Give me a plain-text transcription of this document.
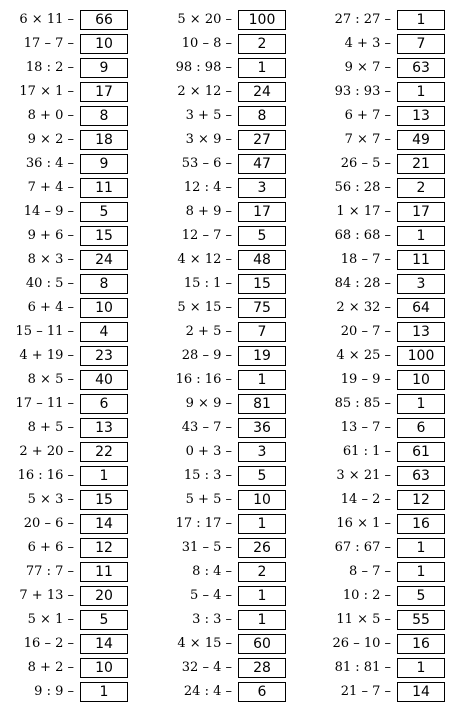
6 × 11 –	66
17 – 7 –	10
18 : 2 –	9
17 × 1 –	17
8 + 0 –	8
9 × 2 –	18
36 : 4 –	9
7 + 4 –	11
14 – 9 –	5
9 + 6 –	15
8 × 3 –	24
40 : 5 –	8
6 + 4 –	10
15 – 11 –	4
4 + 19 –	23
8 × 5 –	40
17 – 11 –	6
8 + 5 –	13
2 + 20 –	22
16 : 16 –	1
5 × 3 –	15
20 – 6 –	14
6 + 6 –	12
77 : 7 –	11
7 + 13 –	20
5 × 1 –	5
16 – 2 –	14
8 + 2 –	10
9 : 9 –	1
5 × 20 –	100
10 – 8 –	2
98 : 98 –	1
2 × 12 –	24
3 + 5 –	8
3 × 9 –	27
53 – 6 –	47
12 : 4 –	3
8 + 9 –	17
12 – 7 –	5
4 × 12 –	48
15 : 1 –	15
5 × 15 –	75
2 + 5 –	7
28 – 9 –	19
16 : 16 –	1
9 × 9 –	81
43 – 7 –	36
0 + 3 –	3
15 : 3 –	5
5 + 5 –	10
17 : 17 –	1
31 – 5 –	26
8 : 4 –	2
5 – 4 –	1
3 : 3 –	1
4 × 15 –	60
32 – 4 –	28
24 : 4 –	6
27 : 27 –	1
4 + 3 –	7
9 × 7 –	63
93 : 93 –	1
6 + 7 –	13
7 × 7 –	49
26 – 5 –	21
56 : 28 –	2
1 × 17 –	17
68 : 68 –	1
18 – 7 –	11
84 : 28 –	3
2 × 32 –	64
20 – 7 –	13
4 × 25 –	100
19 – 9 –	10
85 : 85 –	1
13 – 7 –	6
61 : 1 –	61
3 × 21 –	63
14 – 2 –	12
16 × 1 –	16
67 : 67 –	1
8 – 7 –	1
10 : 2 –	5
11 × 5 –	55
26 – 10 –	16
81 : 81 –	1
21 – 7 –	14
